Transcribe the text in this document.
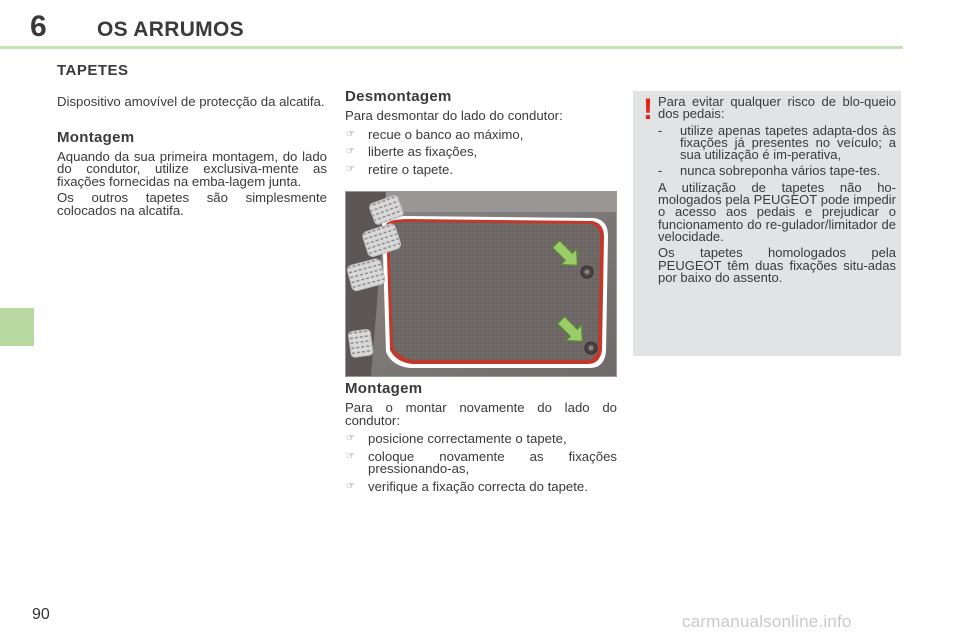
6 OS ARRUMOS
TAPETES

Dispositivo amovível de protecção da alcatifa.

Montagem

Aquando da sua primeira montagem, do lado do condutor, utilize exclusiva-mente as fixações fornecidas na emba-lagem junta.

Os outros tapetes são simplesmente colocados na alcatifa.

Desmontagem

Para desmontar do lado do condutor:

☞ recue o banco ao máximo,
☞ liberte as fixações,
☞ retire o tapete.
Montagem

Para o montar novamente do lado do condutor:

☞ posicione correctamente o tapete,
☞ coloque novamente as fixações pressionando-as,
☞ verifique a fixação correcta do tapete.
! Para evitar qualquer risco de blo-queio dos pedais:

- utilize apenas tapetes adapta-dos às fixações já presentes no veículo; a sua utilização é im-perativa,
- nunca sobreponha vários tape-tes.

A utilização de tapetes não ho-mologados pela PEUGEOT pode impedir o acesso aos pedais e prejudicar o funcionamento do re-gulador/limitador de velocidade.

Os tapetes homologados pela PEUGEOT têm duas fixações situ-adas por baixo do assento.

90	carmanualsonline.info
